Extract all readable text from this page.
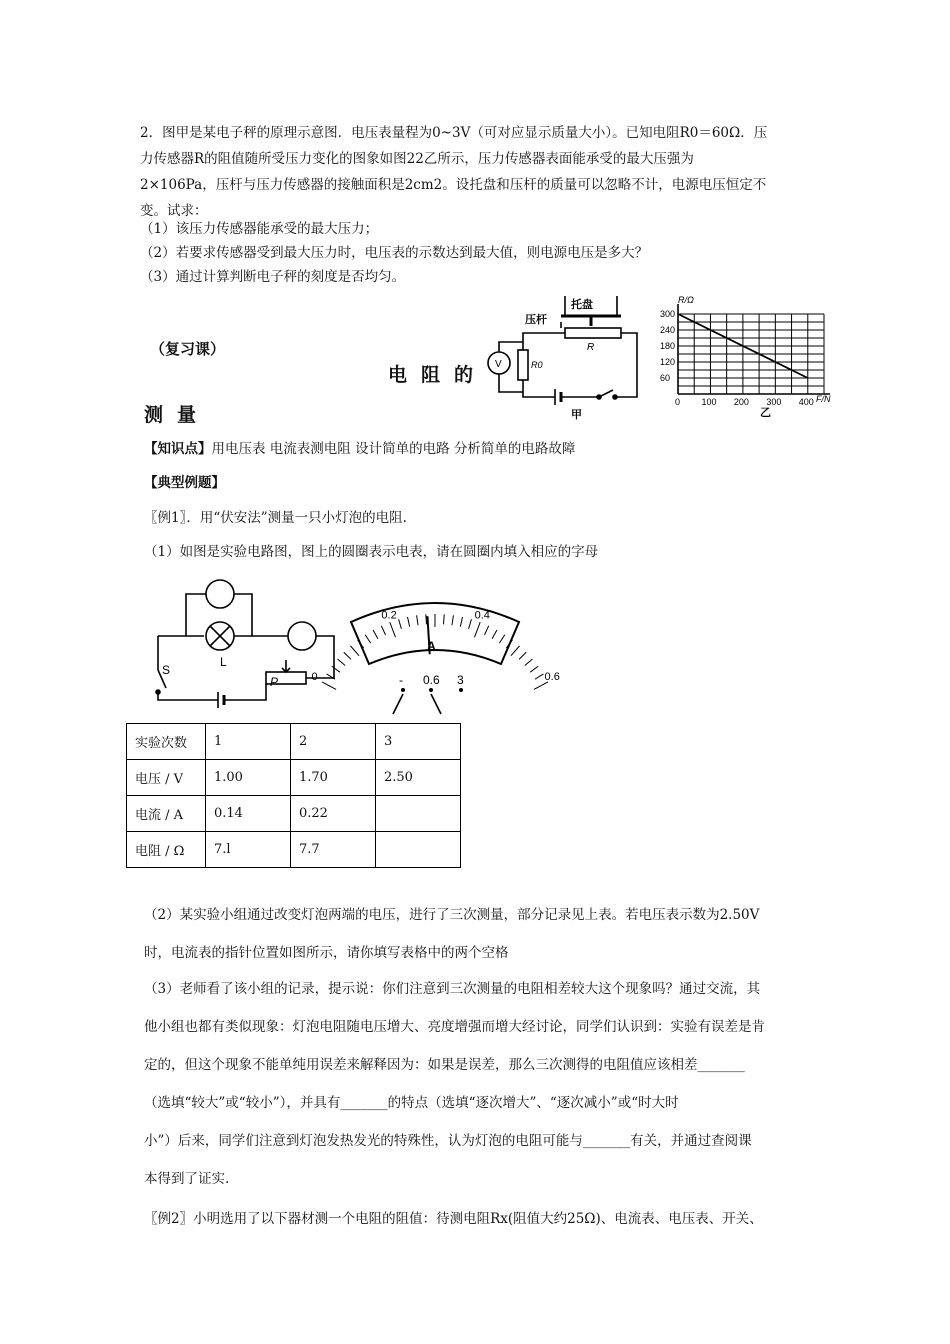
2．图甲是某电子秤的原理示意图．电压表量程为0~3V（可对应显示质量大小）。已知电阻R0＝60Ω．压
力传感器R的阻值随所受压力变化的图象如图22乙所示，压力传感器表面能承受的最大压强为
2×106Pa，压杆与压力传感器的接触面积是2cm2。设托盘和压杆的质量可以忽略不计，电源电压恒定不
变。试求：
（1）该压力传感器能承受的最大压力；
（2）若要求传感器受到最大压力时，电压表的示数达到最大值，则电源电压是多大？
（3）通过计算判断电子秤的刻度是否均匀。
托盘
压杆
R
R0
V
甲
300
240
180
120
60
0 100 200 300 400
R/Ω
F/N
乙
（复习课）
电阻的
测量
【知识点】用电压表 电流表测电阻 设计简单的电路 分析简单的电路故障
【典型例题】
〖例1〗．用“伏安法”测量一只小灯泡的电阻.
（1）如图是实验电路图，图上的圆圈表示电表，请在圆圈内填入相应的字母
L
S
P	0
0.2	0.4
0.6
A
- 0.6 3
实验次数	1	2	3
电压 / V	1.00	1.70	2.50
电流 / A	0.14	0.22	
电阻 / Ω	7.l	7.7	
（2）某实验小组通过改变灯泡两端的电压，进行了三次测量，部分记录见上表。若电压表示数为2.50V
时，电流表的指针位置如图所示，请你填写表格中的两个空格
（3）老师看了该小组的记录，提示说：你们注意到三次测量的电阻相差较大这个现象吗？通过交流，其
他小组也都有类似现象：灯泡电阻随电压增大、亮度增强而增大经讨论，同学们认识到：实验有误差是肯
定的，但这个现象不能单纯用误差来解释因为：如果是误差，那么三次测得的电阻值应该相差_______
（选填“较大”或“较小”），并具有_______的特点（选填“逐次增大”、“逐次减小”或“时大时
小”）后来，同学们注意到灯泡发热发光的特殊性，认为灯泡的电阻可能与_______有关，并通过查阅课
本得到了证实.
〖例2〗小明选用了以下器材测一个电阻的阻值：待测电阻Rx(阻值大约25Ω)、电流表、电压表、开关、
